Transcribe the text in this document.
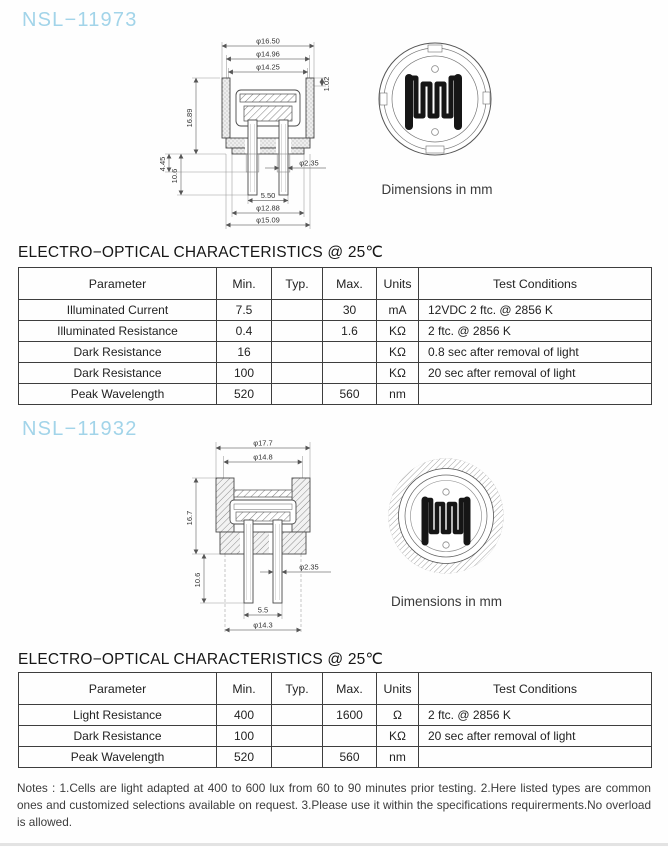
NSL−11973
φ16.50
φ14.96
φ14.25
1.02
16.89
4.45
10.6
φ2.35
5.50
φ12.88
φ15.09
Dimensions in mm
ELECTRO−OPTICAL CHARACTERISTICS @ 25℃
Parameter	Min.	Typ.	Max.	Units	Test Conditions
Illuminated Current	7.5		30	mA	12VDC 2 ftc. @ 2856 K
Illuminated Resistance	0.4		1.6	KΩ	2 ftc. @ 2856 K
Dark Resistance	16			KΩ	0.8 sec after removal of light
Dark Resistance	100			KΩ	20 sec after removal of light
Peak Wavelength	520		560	nm	
NSL−11932
φ17.7
φ14.8
16.7
10.6
φ2.35
5.5
φ14.3
Dimensions in mm
ELECTRO−OPTICAL CHARACTERISTICS @ 25℃
Parameter	Min.	Typ.	Max.	Units	Test Conditions
Light Resistance	400		1600	Ω	2 ftc. @ 2856 K
Dark Resistance	100			KΩ	20 sec after removal of light
Peak Wavelength	520		560	nm	
Notes : 1.Cells are light adapted at 400 to 600 lux from 60 to 90 minutes prior testing. 2.Here listed types are common ones and customized selections available on request. 3.Please use it within the specifications requirerments.No overload is allowed.
